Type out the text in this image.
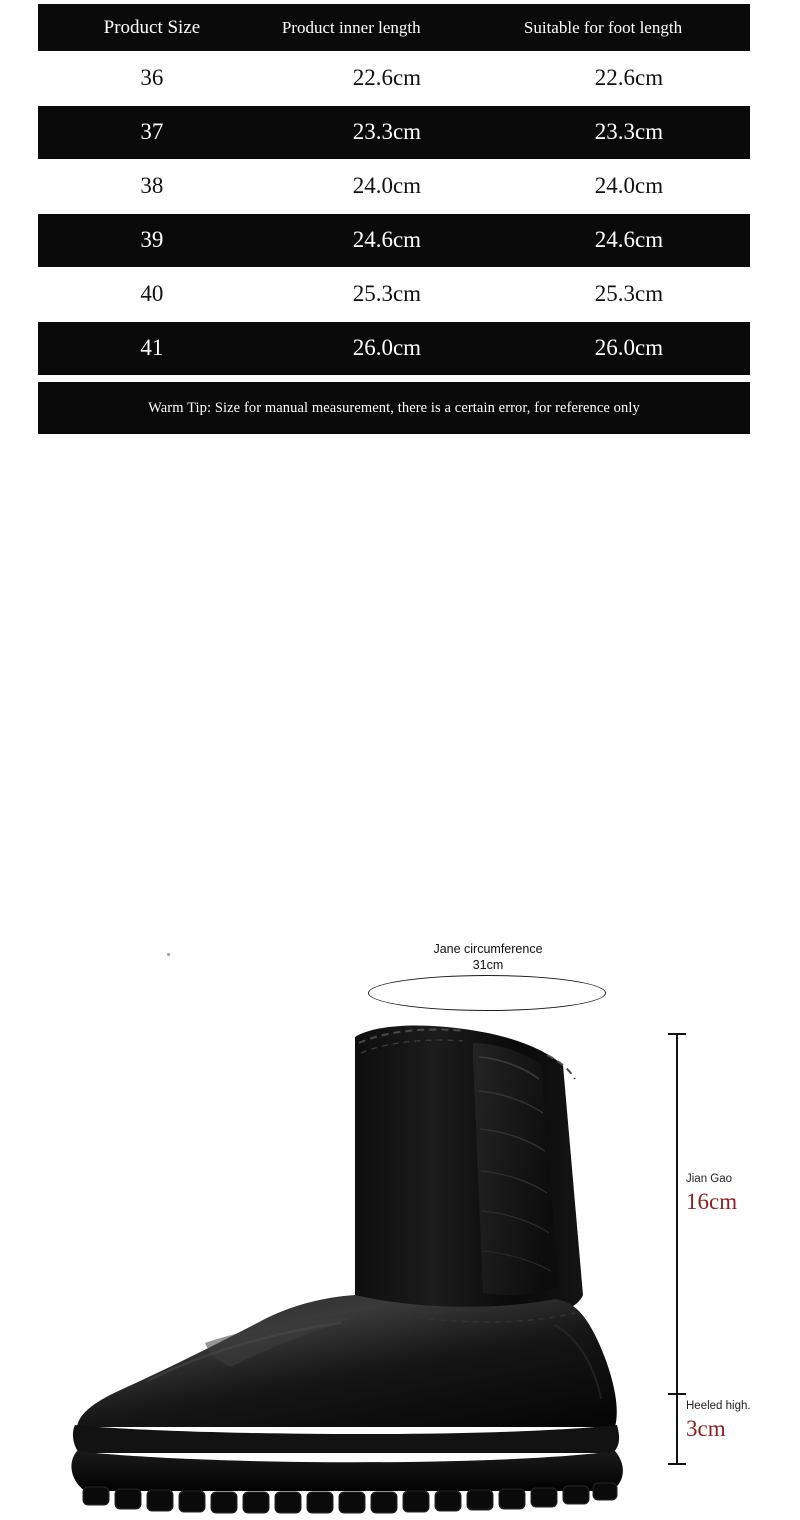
Product Size	Product inner length	Suitable for foot length
36	22.6cm	22.6cm
37	23.3cm	23.3cm
38	24.0cm	24.0cm
39	24.6cm	24.6cm
40	25.3cm	25.3cm
41	26.0cm	26.0cm
Warm Tip: Size for manual measurement, there is a certain error, for reference only
Jane circumference 31cm
Jian Gao
16cm
Heeled high.
3cm
